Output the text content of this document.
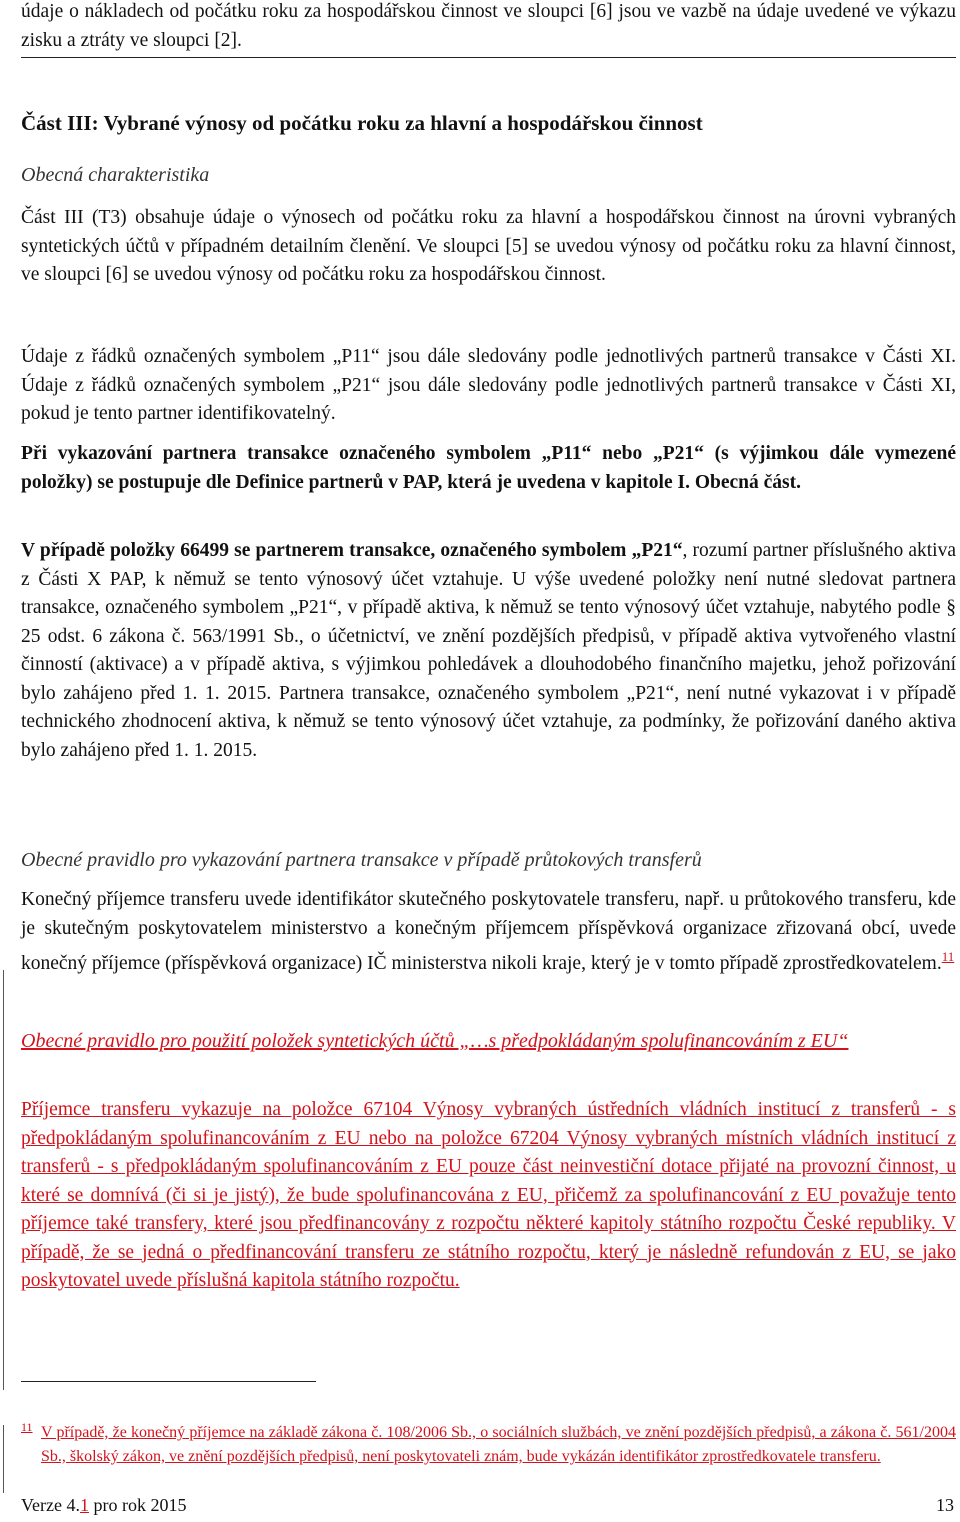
údaje o nákladech od počátku roku za hospodářskou činnost ve sloupci [6] jsou ve vazbě na údaje uvedené ve výkazu zisku a ztráty ve sloupci [2].

Část III: Vybrané výnosy od počátku roku za hlavní a hospodářskou činnost
Obecná charakteristika

Část III (T3) obsahuje údaje o výnosech od počátku roku za hlavní a hospodářskou činnost na úrovni vybraných syntetických účtů v případném detailním členění. Ve sloupci [5] se uvedou výnosy od počátku roku za hlavní činnost, ve sloupci [6] se uvedou výnosy od počátku roku za hospodářskou činnost.

Údaje z řádků označených symbolem „P11“ jsou dále sledovány podle jednotlivých partnerů transakce v Části XI. Údaje z řádků označených symbolem „P21“ jsou dále sledovány podle jednotlivých partnerů transakce v Části XI, pokud je tento partner identifikovatelný.

Při vykazování partnera transakce označeného symbolem „P11“ nebo „P21“ (s výjimkou dále vymezené položky) se postupuje dle Definice partnerů v PAP, která je uvedena v kapitole I. Obecná část.

V případě položky 66499 se partnerem transakce, označeného symbolem „P21“, rozumí partner příslušného aktiva z Části X PAP, k němuž se tento výnosový účet vztahuje. U výše uvedené položky není nutné sledovat partnera transakce, označeného symbolem „P21“, v případě aktiva, k němuž se tento výnosový účet vztahuje, nabytého podle § 25 odst. 6 zákona č. 563/1991 Sb., o účetnictví, ve znění pozdějších předpisů, v případě aktiva vytvořeného vlastní činností (aktivace) a v případě aktiva, s výjimkou pohledávek a dlouhodobého finančního majetku, jehož pořizování bylo zahájeno před 1. 1. 2015. Partnera transakce, označeného symbolem „P21“, není nutné vykazovat i v případě technického zhodnocení aktiva, k němuž se tento výnosový účet vztahuje, za podmínky, že pořizování daného aktiva bylo zahájeno před 1. 1. 2015.

Obecné pravidlo pro vykazování partnera transakce v případě průtokových transferů

Konečný příjemce transferu uvede identifikátor skutečného poskytovatele transferu, např. u průtokového transferu, kde je skutečným poskytovatelem ministerstvo a konečným příjemcem příspěvková organizace zřizovaná obcí, uvede konečný příjemce (příspěvková organizace) IČ ministerstva nikoli kraje, který je v tomto případě zprostředkovatelem.$^{11}$

Obecné pravidlo pro použití položek syntetických účtů „…s předpokládaným spolufinancováním z EU“

Příjemce transferu vykazuje na položce 67104 Výnosy vybraných ústředních vládních institucí z transferů - s předpokládaným spolufinancováním z EU nebo na položce 67204 Výnosy vybraných místních vládních institucí z transferů - s předpokládaným spolufinancováním z EU pouze část neinvestiční dotace přijaté na provozní činnost, u které se domnívá (či si je jistý), že bude spolufinancována z EU, přičemž za spolufinancování z EU považuje tento příjemce také transfery, které jsou předfinancovány z rozpočtu některé kapitoly státního rozpočtu České republiky. V případě, že se jedná o předfinancování transferu ze státního rozpočtu, který je následně refundován z EU, se jako poskytovatel uvede příslušná kapitola státního rozpočtu.

11 V případě, že konečný příjemce na základě zákona č. 108/2006 Sb., o sociálních službách, ve znění pozdějších předpisů, a zákona č. 561/2004 Sb., školský zákon, ve znění pozdějších předpisů, není poskytovateli znám, bude vykázán identifikátor zprostředkovatele transferu.

Verze 4.1 pro rok 2015	13
